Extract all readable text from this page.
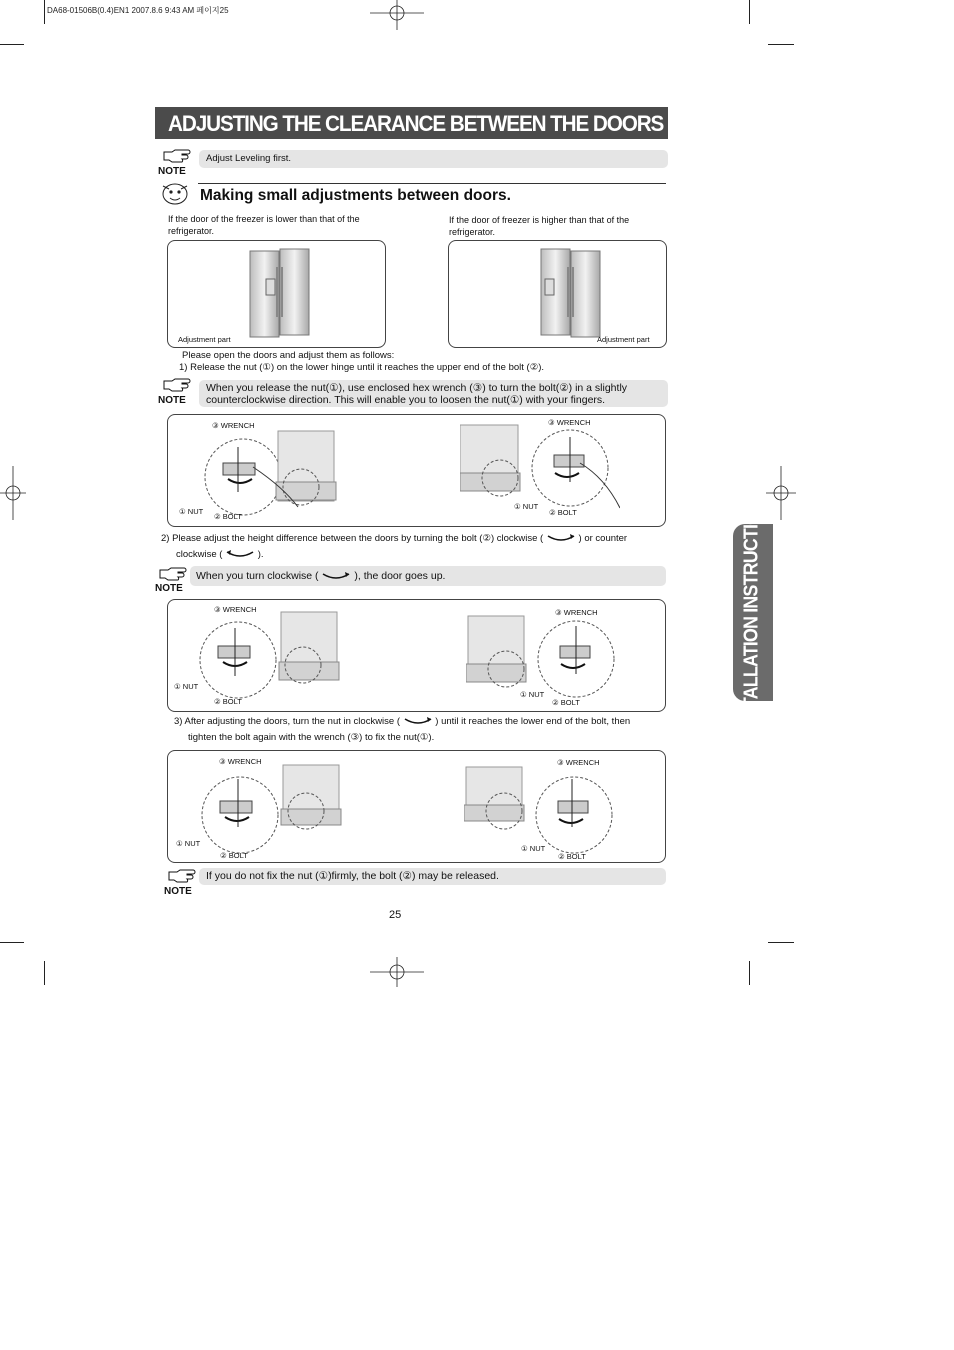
DA68-01506B(0.4)EN1 2007.8.6 9:43 AM 페이지25
ADJUSTING THE CLEARANCE BETWEEN THE DOORS
NOTE
Adjust Leveling first.
Making small adjustments between doors.
If the door of the freezer is lower than that of the
refrigerator.
If the door of freezer is higher than that of the
refrigerator.
Adjustment part	Adjustment part
Please open the doors and adjust them as follows:
1) Release the nut (①) on the lower hinge until it reaches the upper end of the bolt (②).
NOTE
When you release the nut(①), use enclosed hex wrench (③) to turn the bolt(②) in a slightly
counterclockwise direction. This will enable you to loosen the nut(①) with your fingers.
③ WRENCH
① NUT
② BOLT
③ WRENCH
① NUT
② BOLT
2) Please adjust the height difference between the doors by turning the bolt (②) clockwise (	) or counter
clockwise (	).
NOTE
When you turn clockwise (	), the door goes up.
③ WRENCH
① NUT
② BOLT
③ WRENCH
① NUT
② BOLT
3) After adjusting the doors, turn the nut in clockwise (	) until it reaches the lower end of the bolt, then
tighten the bolt again with the wrench (③) to fix the nut(①).
③ WRENCH
① NUT
② BOLT
③ WRENCH
① NUT
② BOLT
NOTE
If you do not fix the nut (①)firmly, the bolt (②) may be released.
INSTALLATION INSTRUCTIONS
25
